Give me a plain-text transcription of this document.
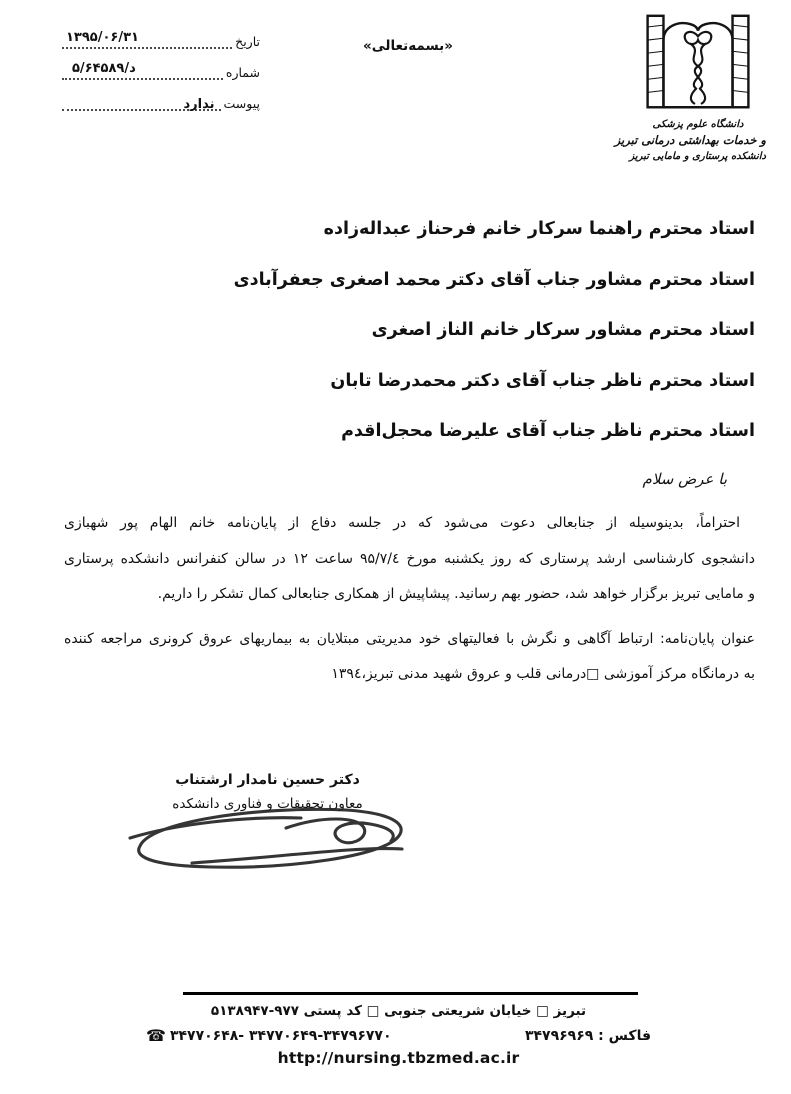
تاریخ
۱۳۹۵/۰۶/۳۱
شماره
۵/د/۶۴۵۸۹
پیوست
ندارد
«بسمه‌تعالی»
دانشگاه علوم پزشکی
و خدمات بهداشتی درمانی تبریز
دانشکده پرستاری و مامایی تبریز
استاد محترم راهنما سرکار خانم فرحناز عبداله‌زاده
استاد محترم مشاور جناب آقای دکتر محمد اصغری جعفرآبادی
استاد محترم مشاور سرکار خانم الناز اصغری
استاد محترم ناظر جناب آقای دکتر محمدرضا تابان
استاد محترم ناظر جناب آقای علیرضا محجل‌اقدم
با عرض سلام
احتراماً، بدینوسیله از جنابعالی دعوت می‌شود که در جلسه دفاع از پایان‌نامه خانم الهام پور شهبازی
دانشجوی کارشناسی ارشد پرستاری که روز یکشنبه مورخ ۹۵/۷/٤ ساعت ۱۲ در سالن کنفرانس دانشکده پرستاری
و مامایی تبریز برگزار خواهد شد، حضور بهم رسانید. پیشاپیش از همکاری جنابعالی کمال تشکر را داریم.
عنوان پایان‌نامه: ارتباط آگاهی و نگرش با فعالیتهای خود مدیریتی مبتلایان به بیماریهای عروق کرونری مراجعه کننده
به درمانگاه مرکز آموزشی □درمانی قلب و عروق شهید مدنی تبریز،۱۳۹٤
دکتر حسین نامدار ارشتناب
معاون تحقیقات و فناوری دانشکده
تبریز □ خیابان شریعتی جنوبی □ کد پستی ۹۷۷-۵۱۳۸۹۴۷
☎ ۳۴۷۷۰۶۴۸- ۳۴۷۷۰۶۴۹-۳۴۷۹۶۷۷۰	فاکس : ۳۴۷۹۶۹۶۹
http://nursing.tbzmed.ac.ir
